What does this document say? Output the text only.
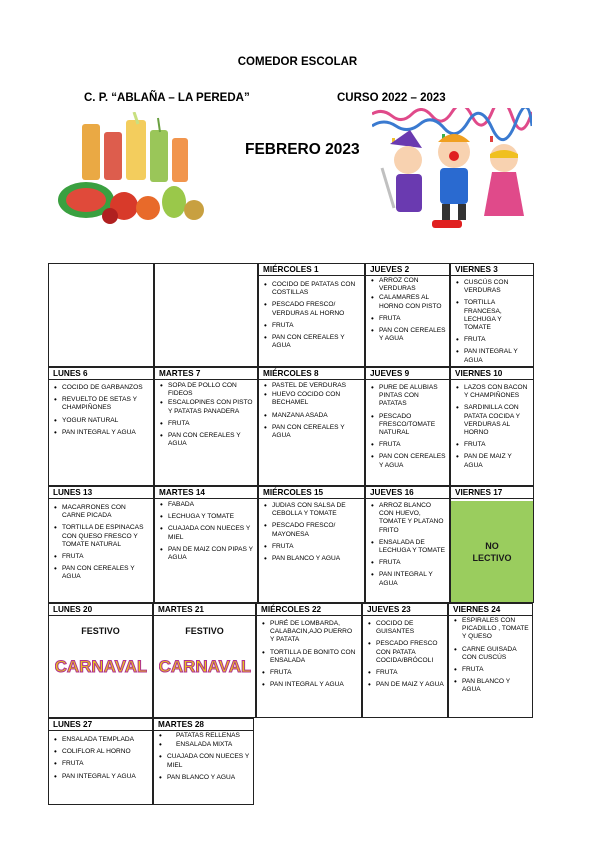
COMEDOR ESCOLAR
C. P. “ABLAÑA – LA PEREDA”	CURSO 2022 – 2023
FEBRERO 2023
MIÉRCOLES 1
• COCIDO DE PATATAS CON COSTILLAS
• PESCADO FRESCO/ VERDURAS AL HORNO
• FRUTA
• PAN CON CEREALES Y AGUA
JUEVES 2
• ARROZ CON VERDURAS
• CALAMARES AL HORNO CON PISTO
• FRUTA
• PAN CON CEREALES Y AGUA
VIERNES 3
• CUSCÚS CON VERDURAS
• TORTILLA FRANCESA, LECHUGA Y TOMATE
• FRUTA
• PAN INTEGRAL Y AGUA
LUNES 6
• COCIDO DE GARBANZOS
• REVUELTO DE SETAS Y CHAMPIÑONES
• YOGUR NATURAL
• PAN INTEGRAL Y AGUA
MARTES 7
• SOPA DE POLLO CON FIDEOS
• ESCALOPINES CON PISTO Y PATATAS PANADERA
• FRUTA
• PAN CON CEREALES Y AGUA
MIÉRCOLES 8
• PASTEL DE VERDURAS
• HUEVO COCIDO CON BECHAMEL
• MANZANA ASADA
• PAN CON CEREALES Y AGUA
JUEVES 9
• PURE DE ALUBIAS PINTAS CON PATATAS
• PESCADO FRESCO/TOMATE NATURAL
• FRUTA
• PAN CON CEREALES Y AGUA
VIERNES 10
• LAZOS CON BACON Y CHAMPIÑONES
• SARDINILLA CON PATATA COCIDA Y VERDURAS AL HORNO
• FRUTA
• PAN DE MAIZ Y AGUA
LUNES 13
• MACARRONES CON CARNE PICADA
• TORTILLA DE ESPINACAS CON QUESO FRESCO Y TOMATE NATURAL
• FRUTA
• PAN CON CEREALES Y AGUA
MARTES 14
• FABADA
• LECHUGA Y TOMATE
• CUAJADA CON NUECES Y MIEL
• PAN DE MAIZ CON PIPAS Y AGUA
MIÉRCOLES 15
• JUDIAS CON SALSA DE CEBOLLA Y TOMATE
• PESCADO FRESCO/ MAYONESA
• FRUTA
• PAN BLANCO Y AGUA
JUEVES 16
• ARROZ BLANCO CON HUEVO, TOMATE Y PLATANO FRITO
• ENSALADA DE LECHUGA Y TOMATE
• FRUTA
• PAN INTEGRAL Y AGUA
VIERNES 17
NO LECTIVO
LUNES 20
FESTIVO
CARNAVAL
MARTES 21
FESTIVO
CARNAVAL
MIÉRCOLES 22
• PURÉ DE LOMBARDA, CALABACIN,AJO PUERRO Y PATATA
• TORTILLA DE BONITO CON ENSALADA
• FRUTA
• PAN INTEGRAL Y AGUA
JUEVES 23
• COCIDO DE GUISANTES
• PESCADO FRESCO CON PATATA COCIDA/BRÓCOLI
• FRUTA
• PAN DE MAIZ Y AGUA
VIERNES 24
• ESPIRALES CON PICADILLO , TOMATE Y QUESO
• CARNE GUISADA CON CUSCÚS
• FRUTA
• PAN BLANCO Y AGUA
LUNES 27
• ENSALADA TEMPLADA
• COLIFLOR AL HORNO
• FRUTA
• PAN INTEGRAL Y AGUA
MARTES 28
• PATATAS RELLENAS
• ENSALADA MIXTA
• CUAJADA CON NUECES Y MIEL
• PAN BLANCO Y AGUA
